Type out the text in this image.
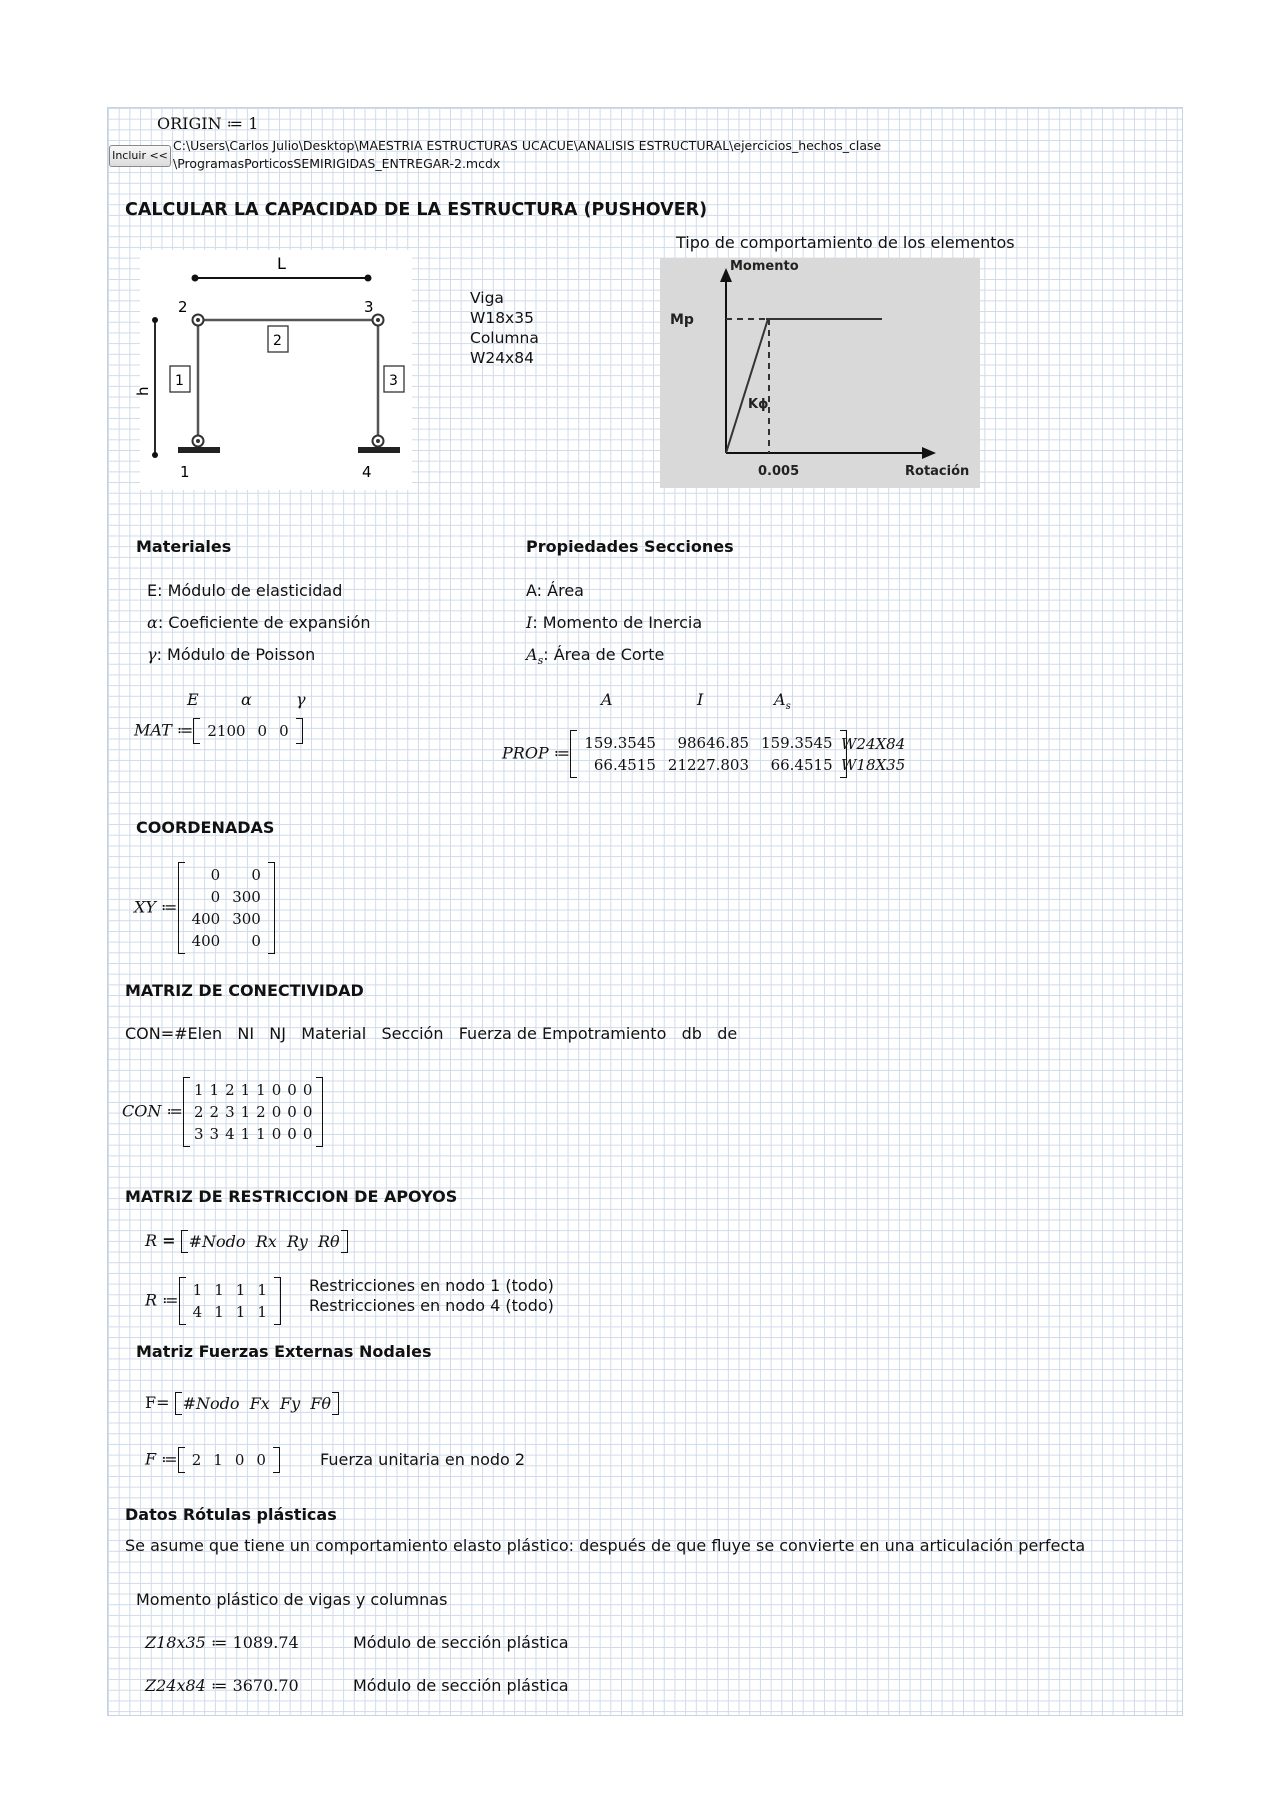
ORIGIN ≔ 1
Incluir <<
C:\Users\Carlos Julio\Desktop\MAESTRIA ESTRUCTURAS UCACUE\ANALISIS ESTRUCTURAL\ejercicios_hechos_clase
\ProgramasPorticosSEMIRIGIDAS_ENTREGAR-2.mcdx
CALCULAR LA CAPACIDAD DE LA ESTRUCTURA (PUSHOVER)
L
h
2	3
1	4
2
1	3
Viga
W18x35
Columna
W24x84
Tipo de comportamiento de los elementos
Momento
Rotación
Mp
Kϕ
0.005
Materiales
E: Módulo de elasticidad
α: Coeficiente de expansión
γ: Módulo de Poisson
E	α	γ
MAT ≔ 2100	0	0
Propiedades Secciones
A: Área
I: Momento de Inercia
$A_s$: Área de Corte
A	I	$A_s$
PROP ≔
159.3545	98646.85	159.3545
66.4515	21227.803	66.4515
W24X84
W18X35
COORDENADAS
XY ≔
0	0
0	300
400	300
400	0
MATRIZ DE CONECTIVIDAD
CON=#Elen   NI   NJ   Material   Sección   Fuerza de Empotramiento   db   de
CON ≔
1	1	2	1	1	0	0	0
2	2	3	1	2	0	0	0
3	3	4	1	1	0	0	0
MATRIZ DE RESTRICCION DE APOYOS
R = #Nodo Rx Ry Rθ
R ≔
1	1	1	1
4	1	1	1
Restricciones en nodo 1 (todo)
Restricciones en nodo 4 (todo)
Matriz Fuerzas Externas Nodales
F= #Nodo Fx Fy Fθ
F ≔ 2	1	0	0	Fuerza unitaria en nodo 2
Datos Rótulas plásticas
Se asume que tiene un comportamiento elasto plástico: después de que fluye se convierte en una articulación perfecta
Momento plástico de vigas y columnas
Z18x35 ≔ 1089.74	Módulo de sección plástica
Z24x84 ≔ 3670.70	Módulo de sección plástica
